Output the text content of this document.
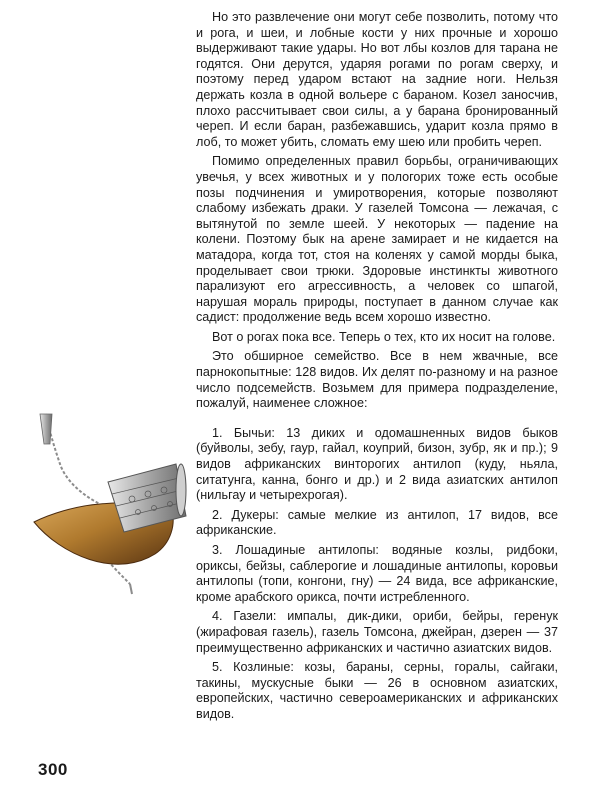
Но это развлечение они могут себе позволить, потому что и рога, и шеи, и лобные кости у них прочные и хорошо выдерживают такие удары. Но вот лбы козлов для тарана не годятся. Они дерутся, ударяя рогами по рогам сверху, и поэтому перед ударом встают на задние ноги. Нельзя держать козла в одной вольере с бараном. Козел заносчив, плохо рассчитывает свои силы, а у барана бронированный череп. И если баран, разбежавшись, ударит козла прямо в лоб, то может убить, сломать ему шею или пробить череп.

Помимо определенных правил борьбы, ограничивающих увечья, у всех животных и у пологорих тоже есть особые позы подчинения и умиротворения, которые позволяют слабому избежать драки. У газелей Томсона — лежачая, с вытянутой по земле шеей. У некоторых — падение на колени. Поэтому бык на арене замирает и не кидается на матадора, когда тот, стоя на коленях у самой морды быка, проделывает свои трюки. Здоровые инстинкты животного парализуют его агрессивность, а человек со шпагой, нарушая мораль природы, поступает в данном случае как садист: продолжение ведь всем хорошо известно.

Вот о рогах пока все. Теперь о тех, кто их носит на голове.

Это обширное семейство. Все в нем жвачные, все парнокопытные: 128 видов. Их делят по-разному и на разное число подсемейств. Возьмем для примера подразделение, пожалуй, наименее сложное:

1. Бычьи: 13 диких и одомашненных видов быков (буйволы, зебу, гаур, гайал, коуприй, бизон, зубр, як и пр.); 9 видов африканских винторогих антилоп (куду, ньяла, ситатунга, канна, бонго и др.) и 2 вида азиатских антилоп (нильгау и четырехрогая).

2. Дукеры: самые мелкие из антилоп, 17 видов, все африканские.

3. Лошадиные антилопы: водяные козлы, ридбоки, ориксы, бейзы, саблерогие и лошадиные антилопы, коровьи антилопы (топи, конгони, гну) — 24 вида, все африканские, кроме арабского орикса, почти истребленного.

4. Газели: импалы, дик-дики, ориби, бейры, геренук (жирафовая газель), газель Томсона, джейран, дзерен — 37 преимущественно африканских и частично азиатских видов.

5. Козлиные: козы, бараны, серны, горалы, сайгаки, такины, мускусные быки — 26 в основном азиатских, европейских, частично североамериканских и африканских видов.

300
